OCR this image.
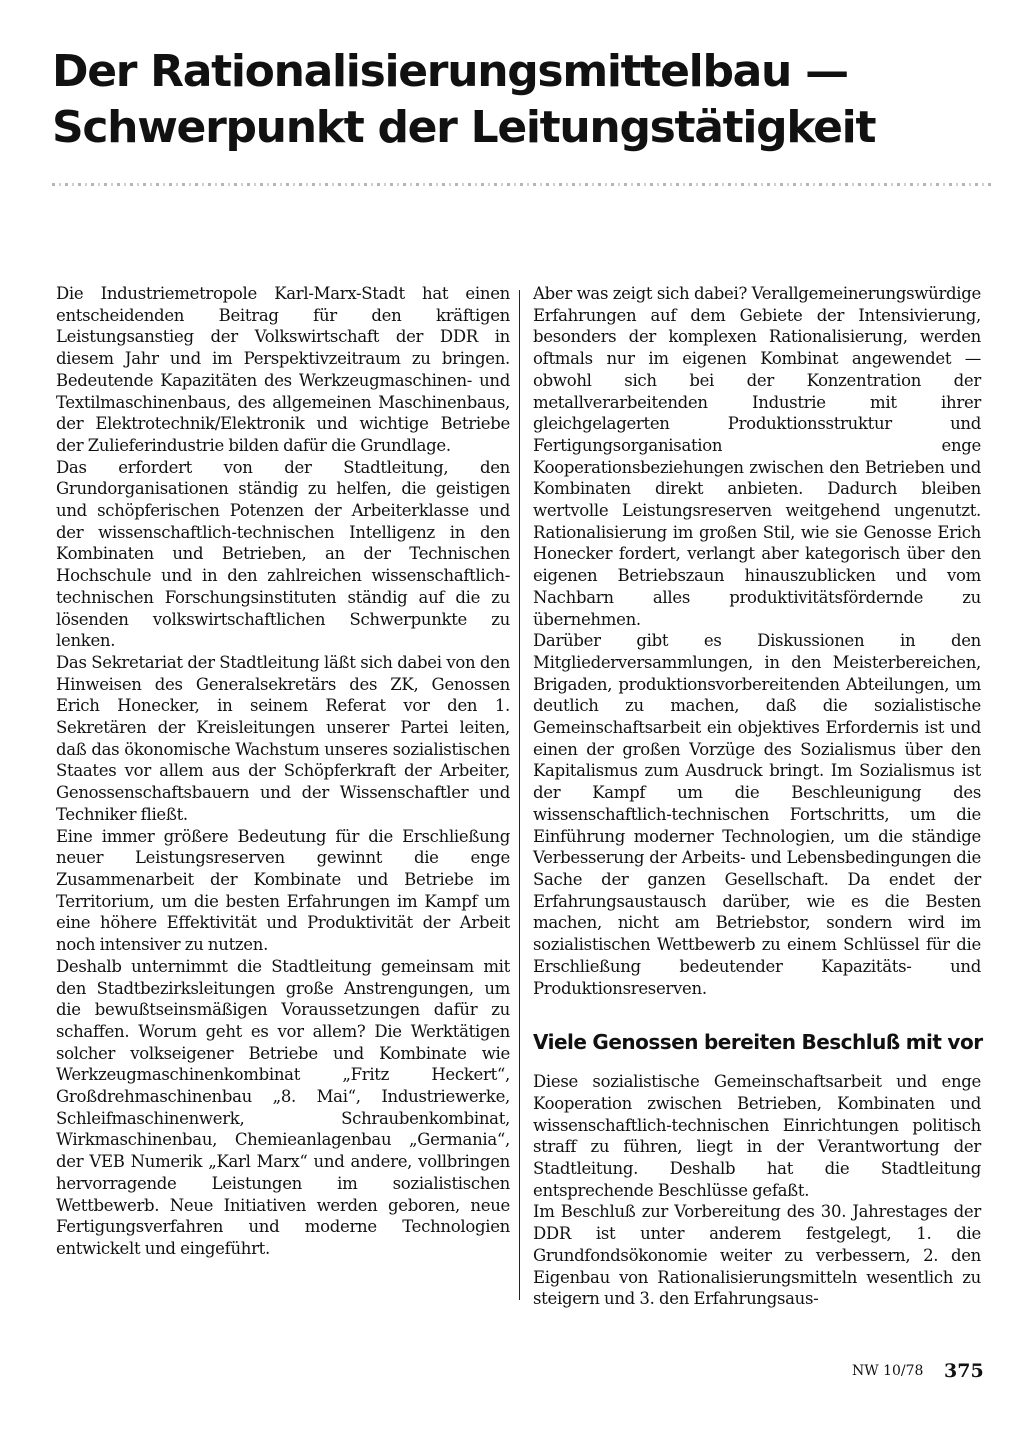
Der Rationalisierungsmittelbau —
Schwerpunkt der Leitungstätigkeit

Die Industriemetropole Karl-Marx-Stadt hat einen entscheidenden Beitrag für den kräftigen Leistungsanstieg der Volkswirtschaft der DDR in diesem Jahr und im Perspektivzeitraum zu bringen. Bedeutende Kapazitäten des Werkzeugmaschinen- und Textilmaschinenbaus, des allgemeinen Maschinenbaus, der Elektrotechnik/Elektronik und wichtige Betriebe der Zulieferindustrie bilden dafür die Grundlage.

Das erfordert von der Stadtleitung, den Grundorganisationen ständig zu helfen, die geistigen und schöpferischen Potenzen der Arbeiterklasse und der wissenschaftlich-technischen Intelligenz in den Kombinaten und Betrieben, an der Technischen Hochschule und in den zahlreichen wissenschaftlich-technischen Forschungsinstituten ständig auf die zu lösenden volkswirtschaftlichen Schwerpunkte zu lenken.

Das Sekretariat der Stadtleitung läßt sich dabei von den Hinweisen des Generalsekretärs des ZK, Genossen Erich Honecker, in seinem Referat vor den 1. Sekretären der Kreisleitungen unserer Partei leiten, daß das ökonomische Wachstum unseres sozialistischen Staates vor allem aus der Schöpferkraft der Arbeiter, Genossenschaftsbauern und der Wissenschaftler und Techniker fließt.

Eine immer größere Bedeutung für die Erschließung neuer Leistungsreserven gewinnt die enge Zusammenarbeit der Kombinate und Betriebe im Territorium, um die besten Erfahrungen im Kampf um eine höhere Effektivität und Produktivität der Arbeit noch intensiver zu nutzen.

Deshalb unternimmt die Stadtleitung gemeinsam mit den Stadtbezirksleitungen große Anstrengungen, um die bewußtseinsmäßigen Voraussetzungen dafür zu schaffen. Worum geht es vor allem? Die Werktätigen solcher volkseigener Betriebe und Kombinate wie Werkzeugmaschinenkombinat „Fritz Heckert“, Großdrehmaschinenbau „8. Mai“, Industriewerke, Schleifmaschinenwerk, Schraubenkombinat, Wirkmaschinenbau, Chemieanlagenbau „Germania“, der VEB Numerik „Karl Marx“ und andere, vollbringen hervorragende Leistungen im sozialistischen Wettbewerb. Neue Initiativen werden geboren, neue Fertigungsverfahren und moderne Technologien entwickelt und eingeführt.

Aber was zeigt sich dabei? Verallgemeinerungswürdige Erfahrungen auf dem Gebiete der Intensivierung, besonders der komplexen Rationalisierung, werden oftmals nur im eigenen Kombinat angewendet — obwohl sich bei der Konzentration der metallverarbeitenden Industrie mit ihrer gleichgelagerten Produktionsstruktur und Fertigungsorganisation enge Kooperationsbeziehungen zwischen den Betrieben und Kombinaten direkt anbieten. Dadurch bleiben wertvolle Leistungsreserven weitgehend ungenutzt. Rationalisierung im großen Stil, wie sie Genosse Erich Honecker fordert, verlangt aber kategorisch über den eigenen Betriebszaun hinauszublicken und vom Nachbarn alles produktivitätsfördernde zu übernehmen.

Darüber gibt es Diskussionen in den Mitgliederversammlungen, in den Meisterbereichen, Brigaden, produktionsvorbereitenden Abteilungen, um deutlich zu machen, daß die sozialistische Gemeinschaftsarbeit ein objektives Erfordernis ist und einen der großen Vorzüge des Sozialismus über den Kapitalismus zum Ausdruck bringt. Im Sozialismus ist der Kampf um die Beschleunigung des wissenschaftlich-technischen Fortschritts, um die Einführung moderner Technologien, um die ständige Verbesserung der Arbeits- und Lebensbedingungen die Sache der ganzen Gesellschaft. Da endet der Erfahrungsaustausch darüber, wie es die Besten machen, nicht am Betriebstor, sondern wird im sozialistischen Wettbewerb zu einem Schlüssel für die Erschließung bedeutender Kapazitäts- und Produktionsreserven.

Viele Genossen bereiten Beschluß mit vor

Diese sozialistische Gemeinschaftsarbeit und enge Kooperation zwischen Betrieben, Kombinaten und wissenschaftlich-technischen Einrichtungen politisch straff zu führen, liegt in der Verantwortung der Stadtleitung. Deshalb hat die Stadtleitung entsprechende Beschlüsse gefaßt.

Im Beschluß zur Vorbereitung des 30. Jahrestages der DDR ist unter anderem festgelegt, 1. die Grundfondsökonomie weiter zu verbessern, 2. den Eigenbau von Rationalisierungsmitteln wesentlich zu steigern und 3. den Erfahrungsaus-

NW 10/78 375
